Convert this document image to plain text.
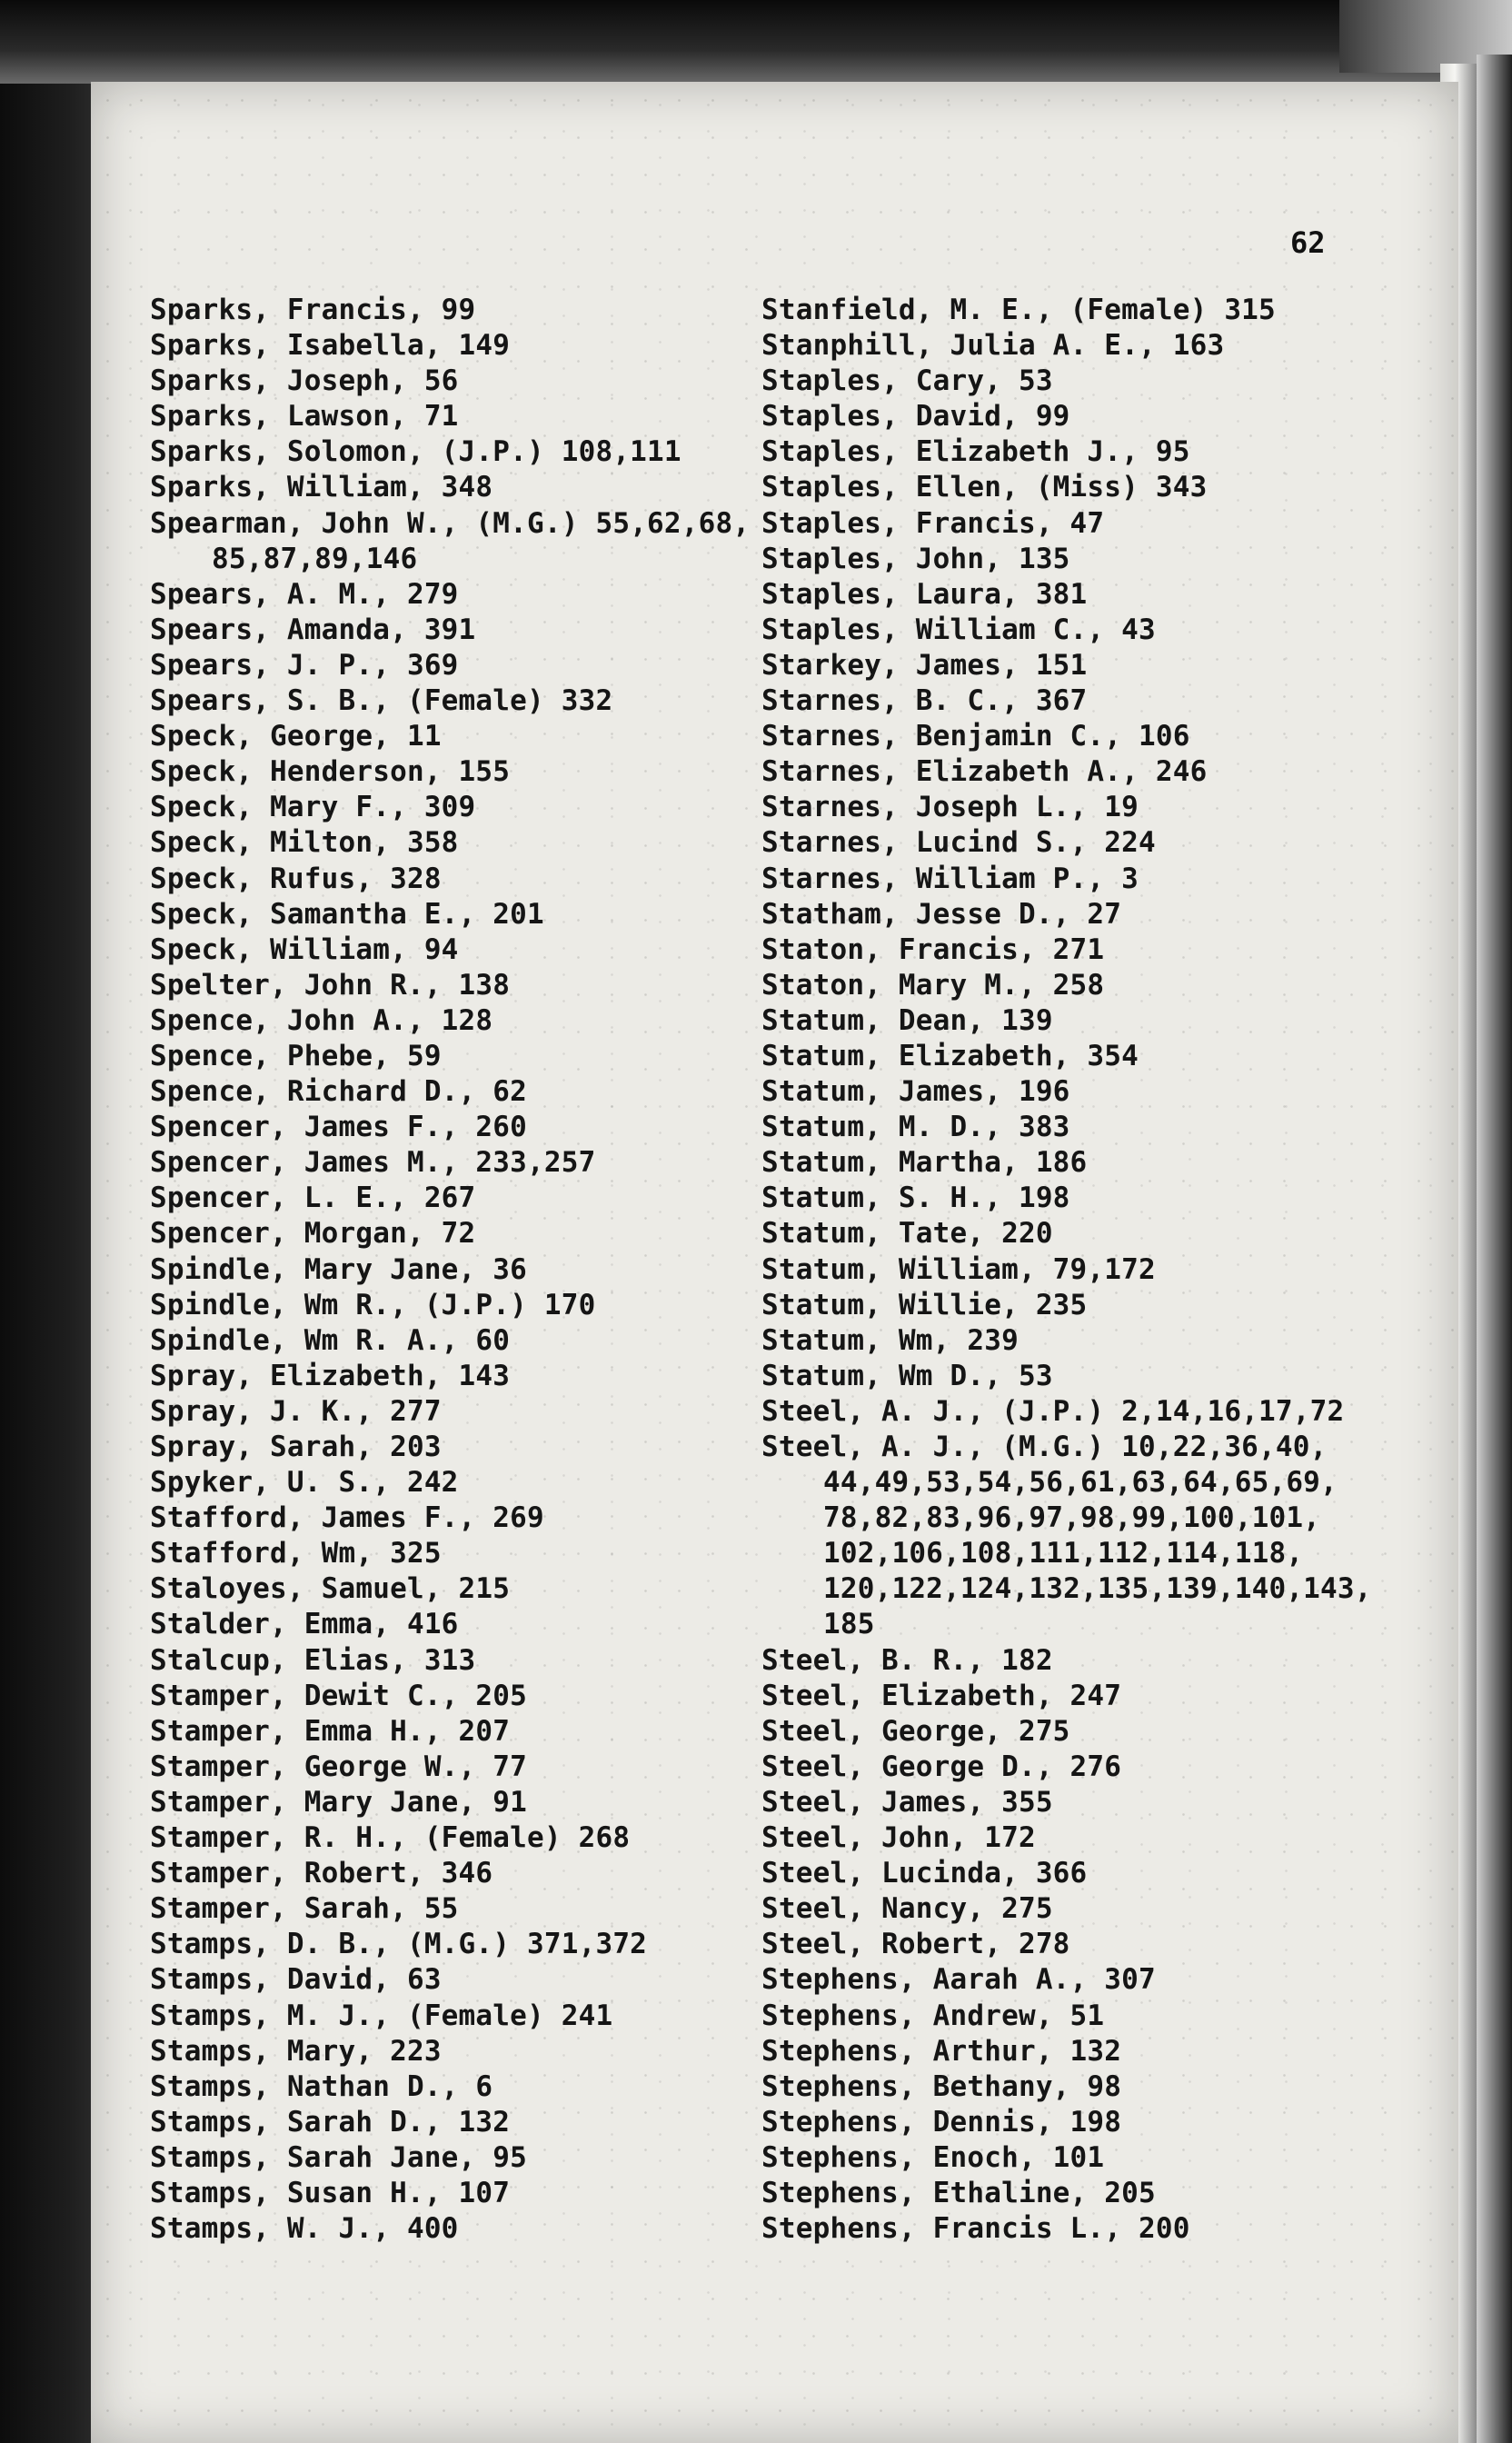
62
Sparks, Francis, 99
Sparks, Isabella, 149
Sparks, Joseph, 56
Sparks, Lawson, 71
Sparks, Solomon, (J.P.) 108,111
Sparks, William, 348
Spearman, John W., (M.G.) 55,62,68,
85,87,89,146
Spears, A. M., 279
Spears, Amanda, 391
Spears, J. P., 369
Spears, S. B., (Female) 332
Speck, George, 11
Speck, Henderson, 155
Speck, Mary F., 309
Speck, Milton, 358
Speck, Rufus, 328
Speck, Samantha E., 201
Speck, William, 94
Spelter, John R., 138
Spence, John A., 128
Spence, Phebe, 59
Spence, Richard D., 62
Spencer, James F., 260
Spencer, James M., 233,257
Spencer, L. E., 267
Spencer, Morgan, 72
Spindle, Mary Jane, 36
Spindle, Wm R., (J.P.) 170
Spindle, Wm R. A., 60
Spray, Elizabeth, 143
Spray, J. K., 277
Spray, Sarah, 203
Spyker, U. S., 242
Stafford, James F., 269
Stafford, Wm, 325
Staloyes, Samuel, 215
Stalder, Emma, 416
Stalcup, Elias, 313
Stamper, Dewit C., 205
Stamper, Emma H., 207
Stamper, George W., 77
Stamper, Mary Jane, 91
Stamper, R. H., (Female) 268
Stamper, Robert, 346
Stamper, Sarah, 55
Stamps, D. B., (M.G.) 371,372
Stamps, David, 63
Stamps, M. J., (Female) 241
Stamps, Mary, 223
Stamps, Nathan D., 6
Stamps, Sarah D., 132
Stamps, Sarah Jane, 95
Stamps, Susan H., 107
Stamps, W. J., 400
Stanfield, M. E., (Female) 315
Stanphill, Julia A. E., 163
Staples, Cary, 53
Staples, David, 99
Staples, Elizabeth J., 95
Staples, Ellen, (Miss) 343
Staples, Francis, 47
Staples, John, 135
Staples, Laura, 381
Staples, William C., 43
Starkey, James, 151
Starnes, B. C., 367
Starnes, Benjamin C., 106
Starnes, Elizabeth A., 246
Starnes, Joseph L., 19
Starnes, Lucind S., 224
Starnes, William P., 3
Statham, Jesse D., 27
Staton, Francis, 271
Staton, Mary M., 258
Statum, Dean, 139
Statum, Elizabeth, 354
Statum, James, 196
Statum, M. D., 383
Statum, Martha, 186
Statum, S. H., 198
Statum, Tate, 220
Statum, William, 79,172
Statum, Willie, 235
Statum, Wm, 239
Statum, Wm D., 53
Steel, A. J., (J.P.) 2,14,16,17,72
Steel, A. J., (M.G.) 10,22,36,40,
44,49,53,54,56,61,63,64,65,69,
78,82,83,96,97,98,99,100,101,
102,106,108,111,112,114,118,
120,122,124,132,135,139,140,143,
185
Steel, B. R., 182
Steel, Elizabeth, 247
Steel, George, 275
Steel, George D., 276
Steel, James, 355
Steel, John, 172
Steel, Lucinda, 366
Steel, Nancy, 275
Steel, Robert, 278
Stephens, Aarah A., 307
Stephens, Andrew, 51
Stephens, Arthur, 132
Stephens, Bethany, 98
Stephens, Dennis, 198
Stephens, Enoch, 101
Stephens, Ethaline, 205
Stephens, Francis L., 200
